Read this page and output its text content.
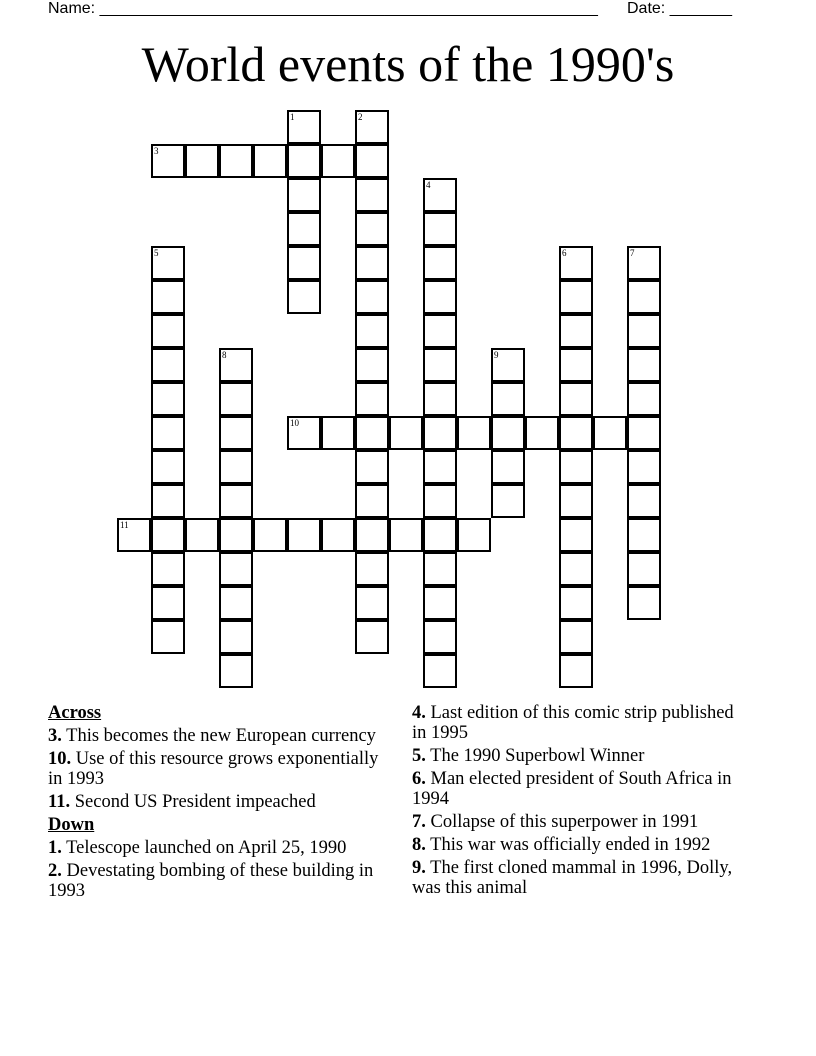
Name: ________________________________________________________ Date: _______
World events of the 1990's
1	2
3
4
5	6	7
8	9
10
11
Across
3. This becomes the new European currency
10. Use of this resource grows exponentially in 1993
11. Second US President impeached
Down
1. Telescope launched on April 25, 1990
2. Devestating bombing of these building in 1993
4. Last edition of this comic strip published in 1995
5. The 1990 Superbowl Winner
6. Man elected president of South Africa in 1994
7. Collapse of this superpower in 1991
8. This war was officially ended in 1992
9. The first cloned mammal in 1996, Dolly, was this animal
